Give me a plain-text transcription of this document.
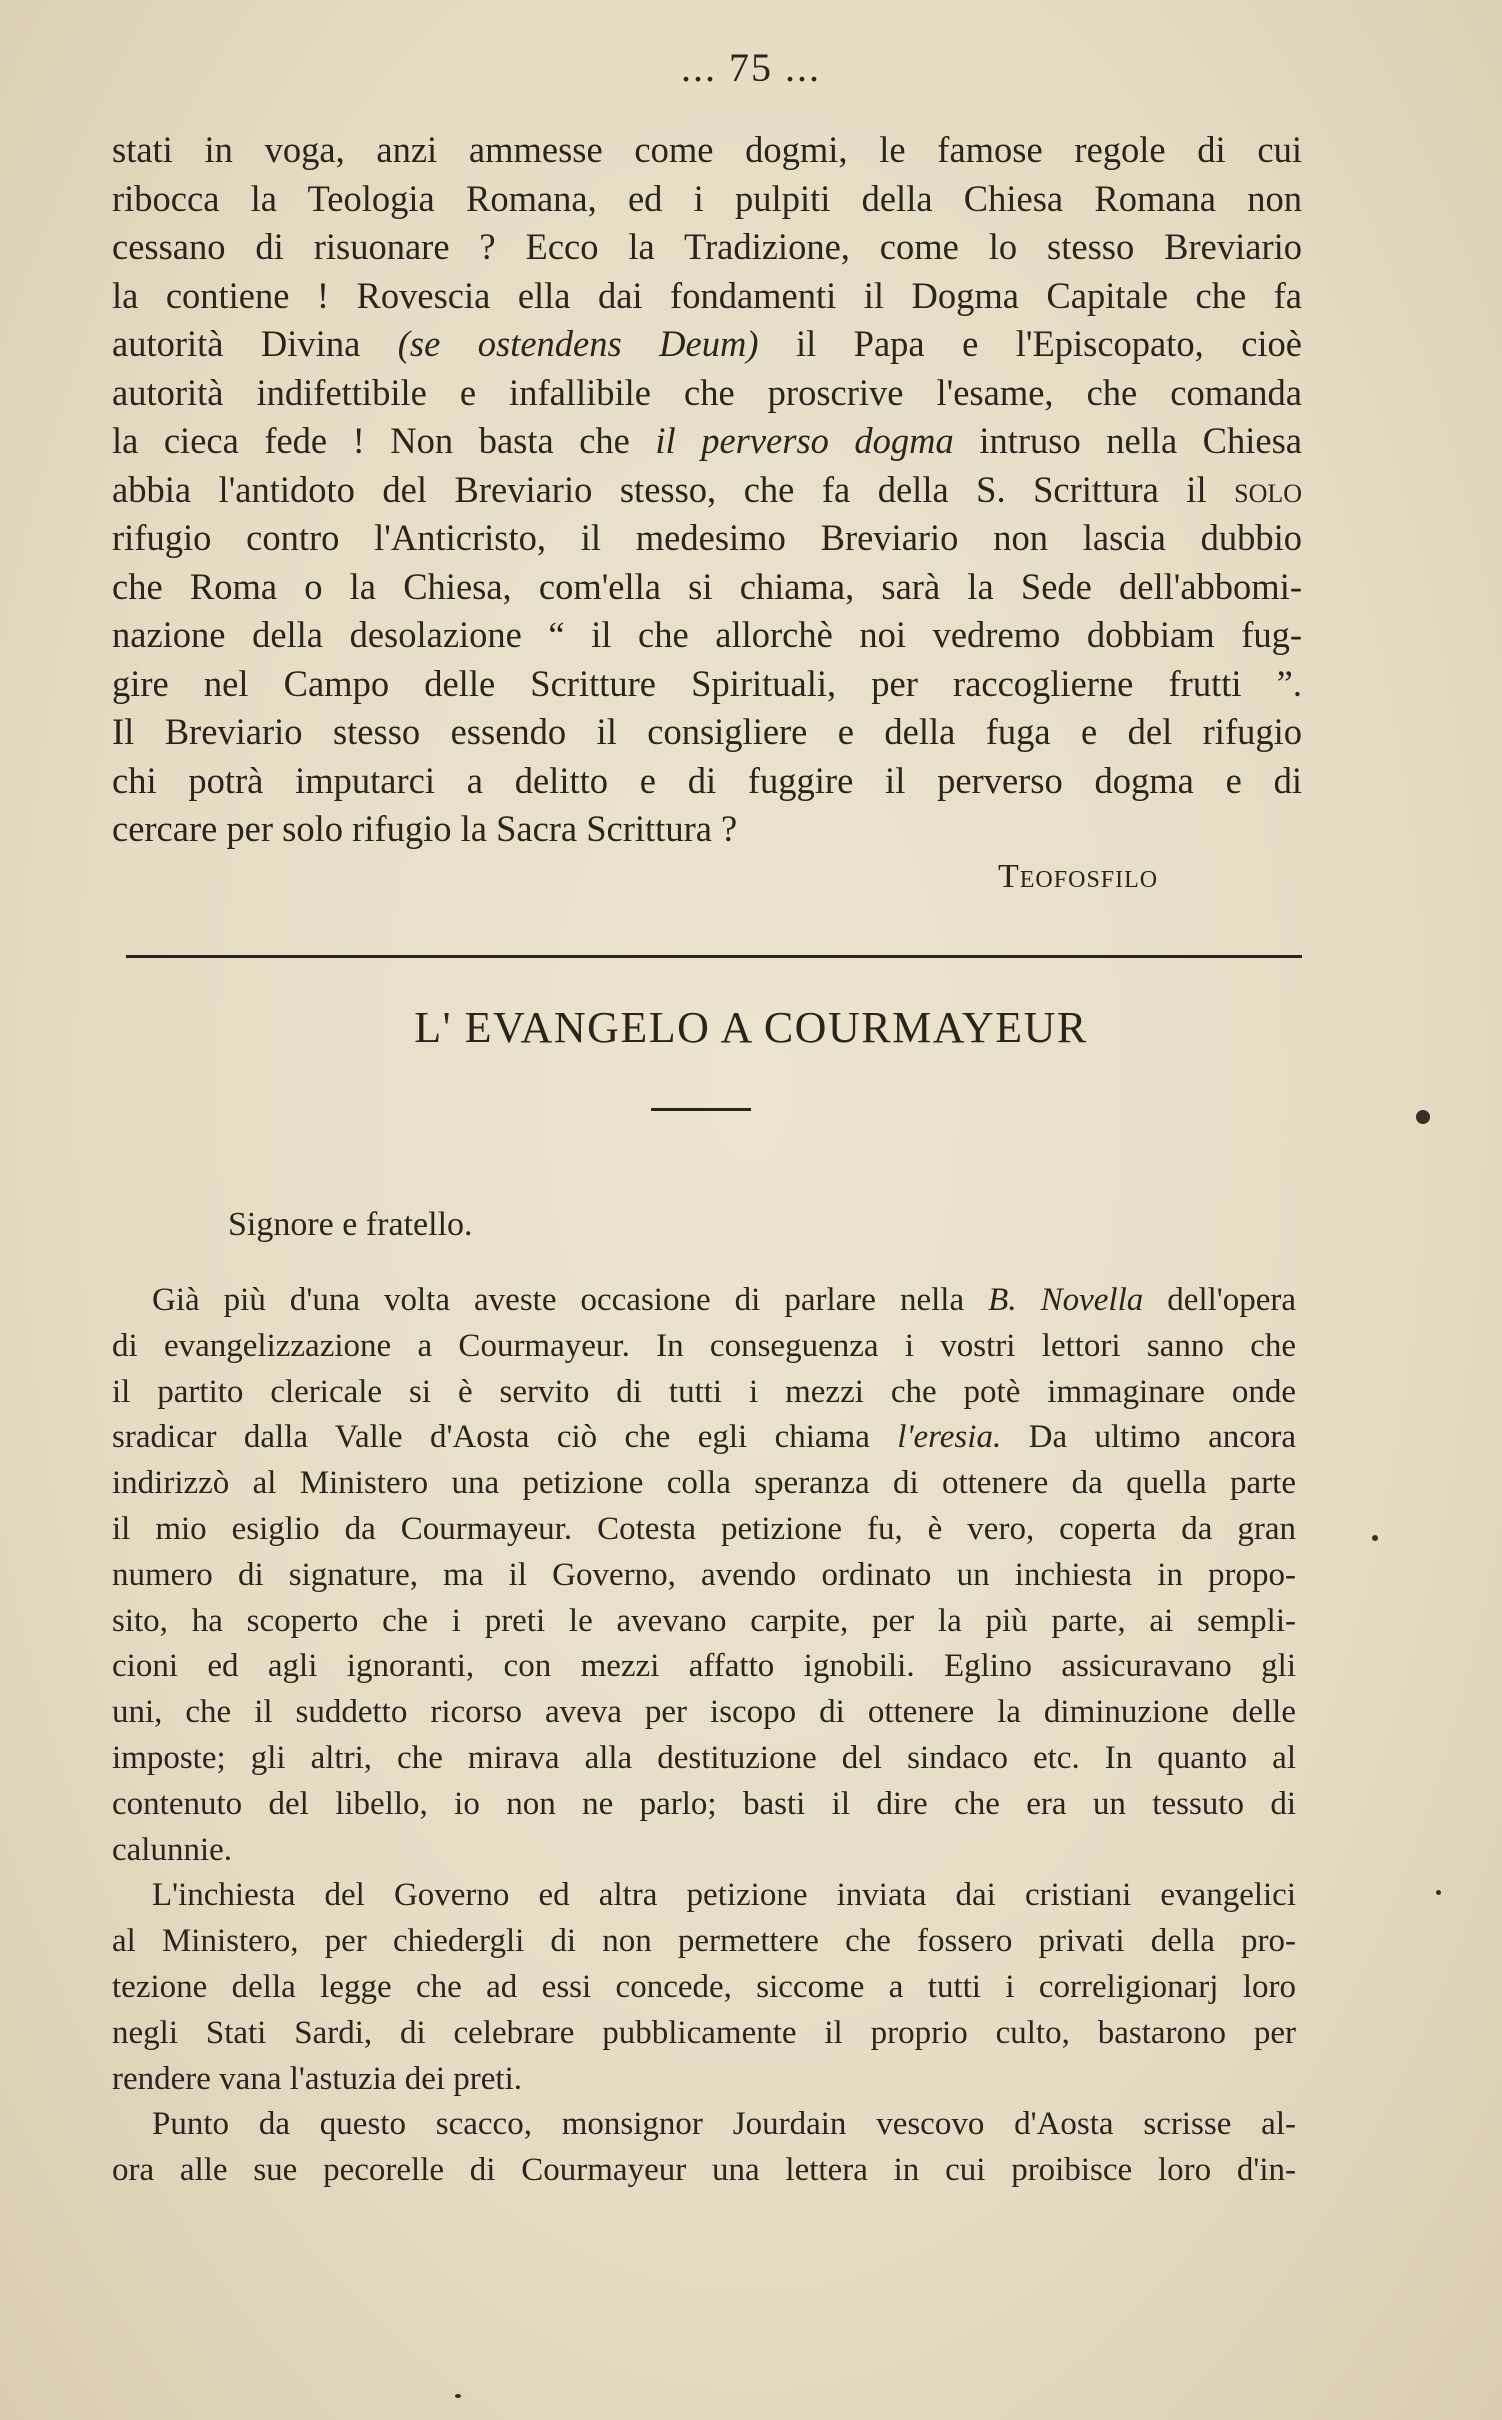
... 75 ...
stati in voga, anzi ammesse come dogmi, le famose regole di cui
ribocca la Teologia Romana, ed i pulpiti della Chiesa Romana non
cessano di risuonare ? Ecco la Tradizione, come lo stesso Breviario
la contiene ! Rovescia ella dai fondamenti il Dogma Capitale che fa
autorità Divina (se ostendens Deum) il Papa e l'Episcopato, cioè
autorità indifettibile e infallibile che proscrive l'esame, che comanda
la cieca fede ! Non basta che il perverso dogma intruso nella Chiesa
abbia l'antidoto del Breviario stesso, che fa della S. Scrittura il solo
rifugio contro l'Anticristo, il medesimo Breviario non lascia dubbio
che Roma o la Chiesa, com'ella si chiama, sarà la Sede dell'abbomi-
nazione della desolazione “ il che allorchè noi vedremo dobbiam fug-
gire nel Campo delle Scritture Spirituali, per raccoglierne frutti ”.
Il Breviario stesso essendo il consigliere e della fuga e del rifugio
chi potrà imputarci a delitto e di fuggire il perverso dogma e di
cercare per solo rifugio la Sacra Scrittura ?
Teofosfilo
L' EVANGELO A COURMAYEUR
Signore e fratello.
Già più d'una volta aveste occasione di parlare nella B. Novella dell'opera
di evangelizzazione a Courmayeur. In conseguenza i vostri lettori sanno che
il partito clericale si è servito di tutti i mezzi che potè immaginare onde
sradicar dalla Valle d'Aosta ciò che egli chiama l'eresia. Da ultimo ancora
indirizzò al Ministero una petizione colla speranza di ottenere da quella parte
il mio esiglio da Courmayeur. Cotesta petizione fu, è vero, coperta da gran
numero di signature, ma il Governo, avendo ordinato un inchiesta in propo-
sito, ha scoperto che i preti le avevano carpite, per la più parte, ai sempli-
cioni ed agli ignoranti, con mezzi affatto ignobili. Eglino assicuravano gli
uni, che il suddetto ricorso aveva per iscopo di ottenere la diminuzione delle
imposte; gli altri, che mirava alla destituzione del sindaco etc. In quanto al
contenuto del libello, io non ne parlo; basti il dire che era un tessuto di
calunnie.
L'inchiesta del Governo ed altra petizione inviata dai cristiani evangelici
al Ministero, per chiedergli di non permettere che fossero privati della pro-
tezione della legge che ad essi concede, siccome a tutti i correligionarj loro
negli Stati Sardi, di celebrare pubblicamente il proprio culto, bastarono per
rendere vana l'astuzia dei preti.
Punto da questo scacco, monsignor Jourdain vescovo d'Aosta scrisse al-
ora alle sue pecorelle di Courmayeur una lettera in cui proibisce loro d'in-
